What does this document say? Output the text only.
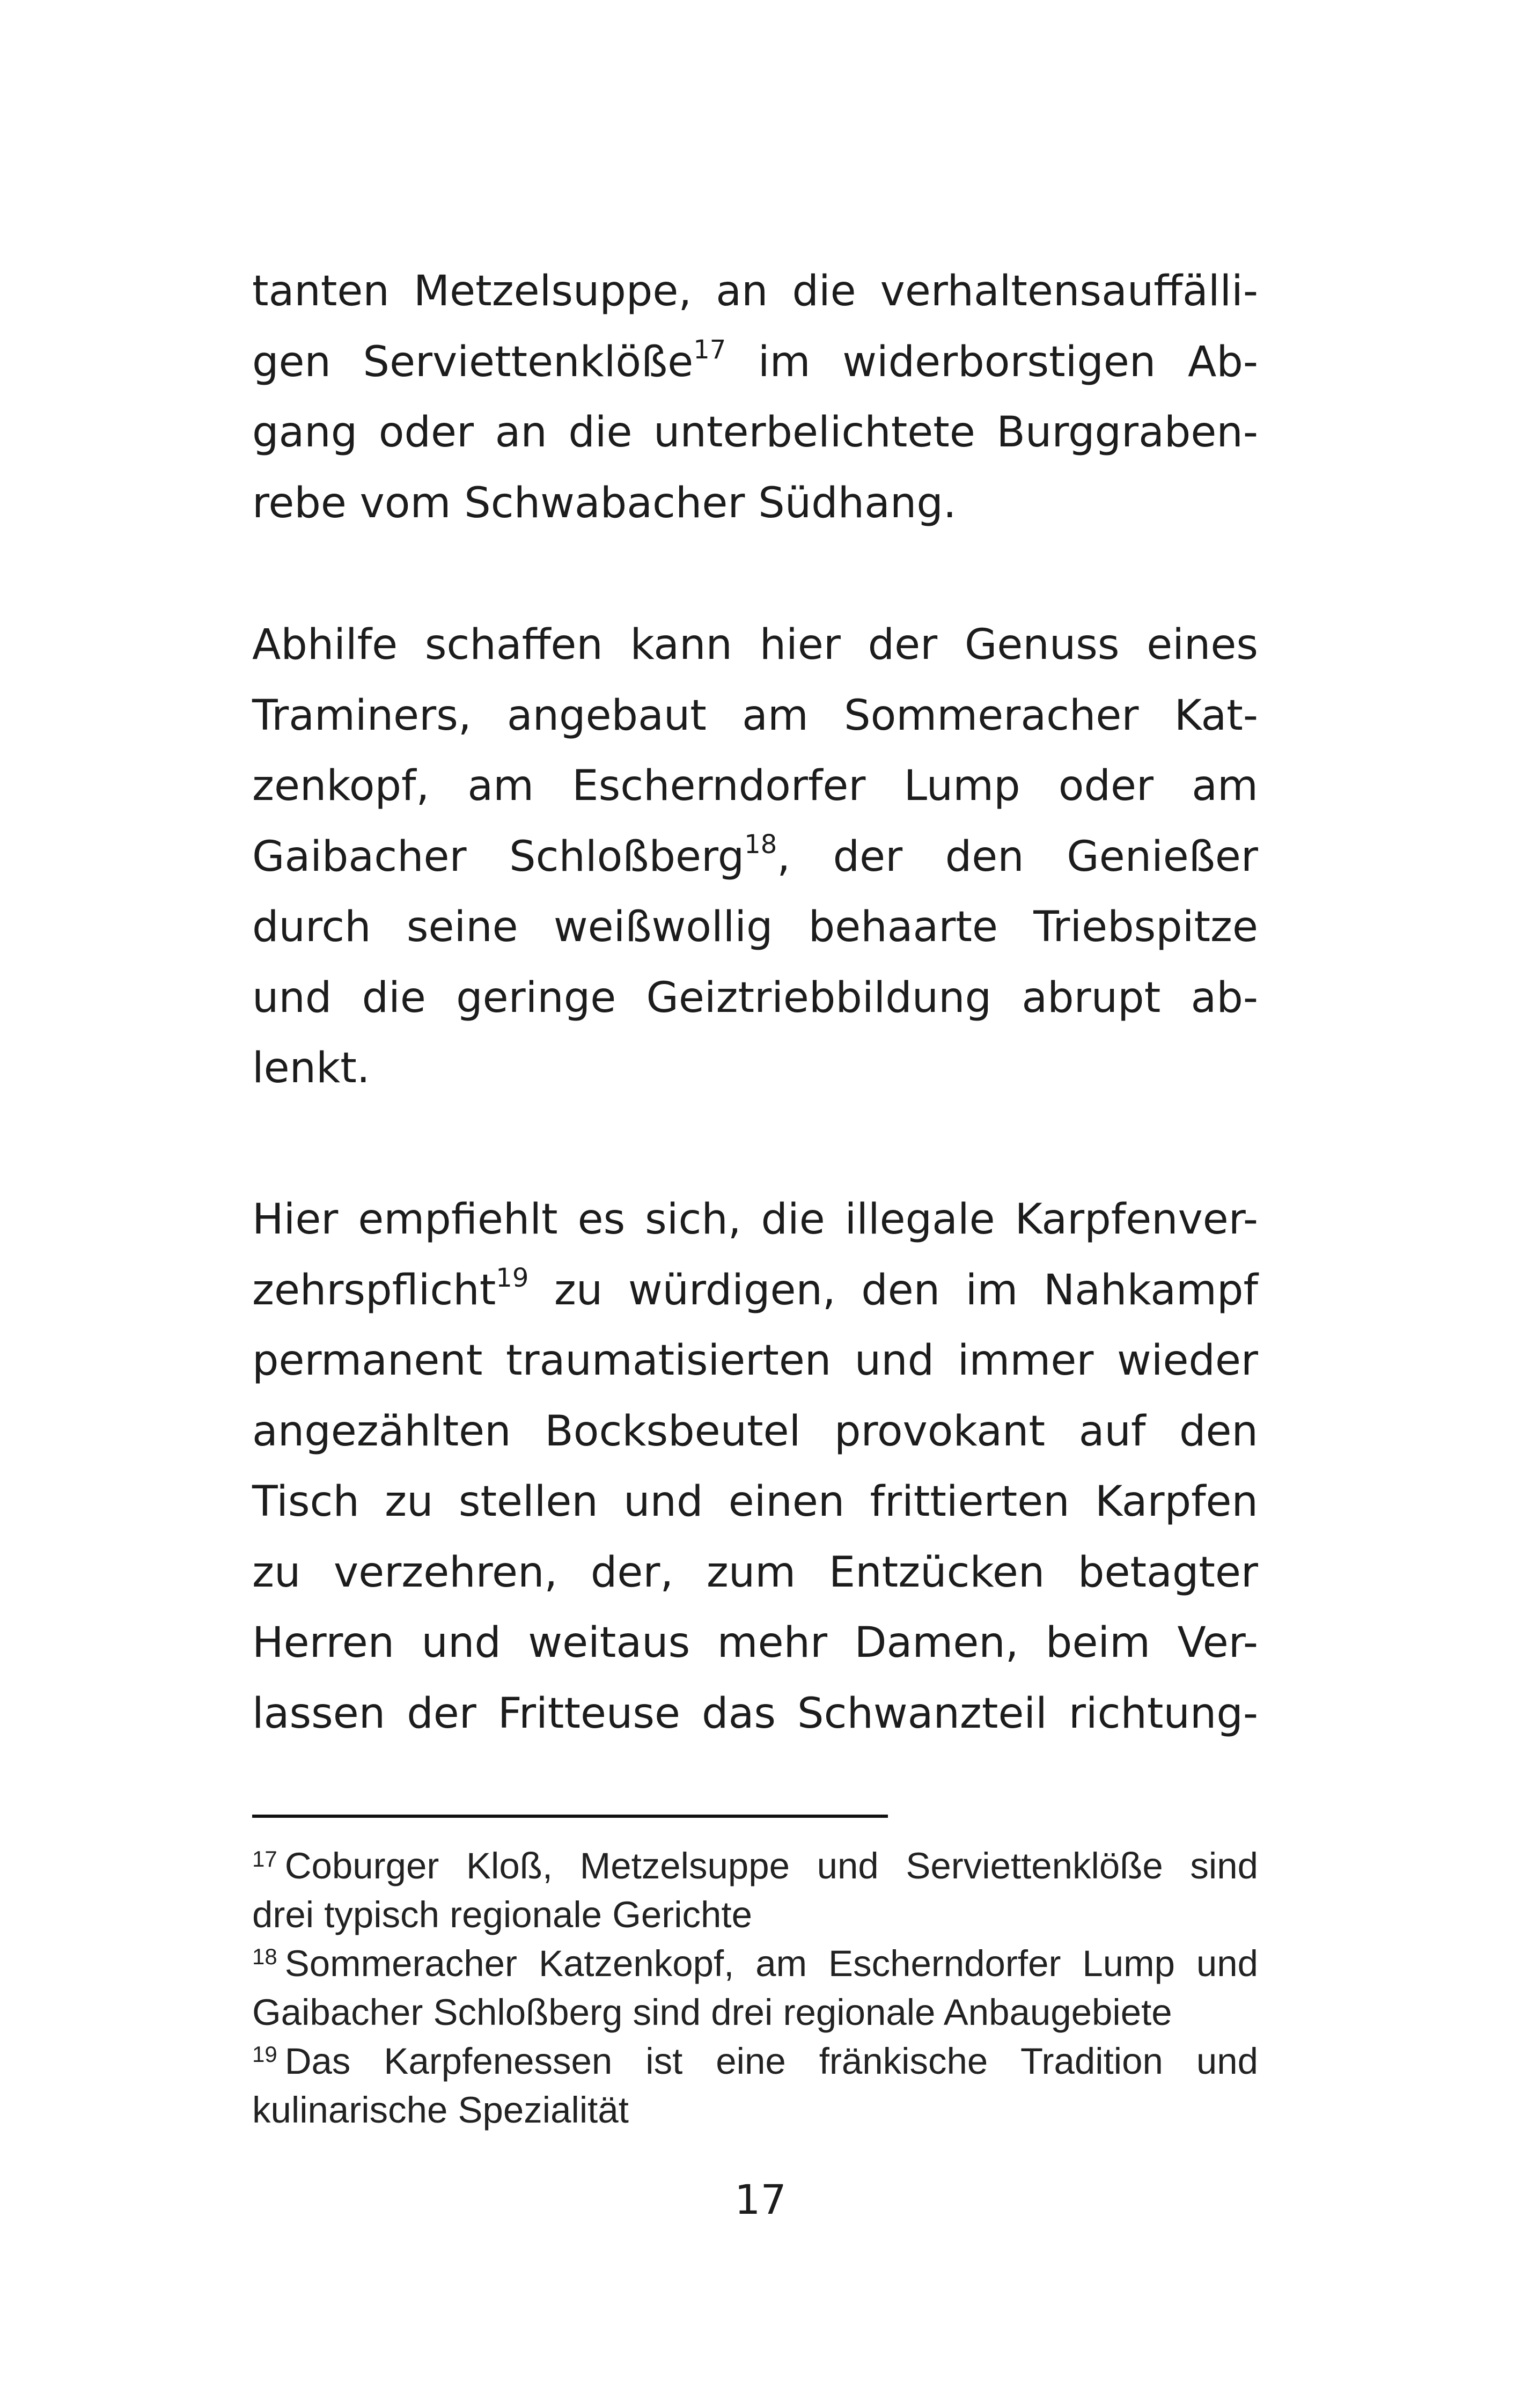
tanten Metzelsuppe, an die verhaltensauffälli-
gen Serviettenklöße$^{17}$ im widerborstigen Ab-
gang oder an die unterbelichtete Burggraben-
rebe vom Schwabacher Südhang.
Abhilfe schaffen kann hier der Genuss eines
Traminers, angebaut am Sommeracher Kat-
zenkopf, am Escherndorfer Lump oder am
Gaibacher Schloßberg$^{18}$, der den Genießer
durch seine weißwollig behaarte Triebspitze
und die geringe Geiztriebbildung abrupt ab-
lenkt.
Hier empfiehlt es sich, die illegale Karpfenver-
zehrspflicht$^{19}$ zu würdigen, den im Nahkampf
permanent traumatisierten und immer wieder
angezählten Bocksbeutel provokant auf den
Tisch zu stellen und einen frittierten Karpfen
zu verzehren, der, zum Entzücken betagter
Herren und weitaus mehr Damen, beim Ver-
lassen der Fritteuse das Schwanzteil richtung-
$^{17}$ Coburger Kloß, Metzelsuppe und Serviettenklöße sind
drei typisch regionale Gerichte
$^{18}$ Sommeracher Katzenkopf, am Escherndorfer Lump und
Gaibacher Schloßberg sind drei regionale Anbaugebiete
$^{19}$ Das Karpfenessen ist eine fränkische Tradition und
kulinarische Spezialität
17
